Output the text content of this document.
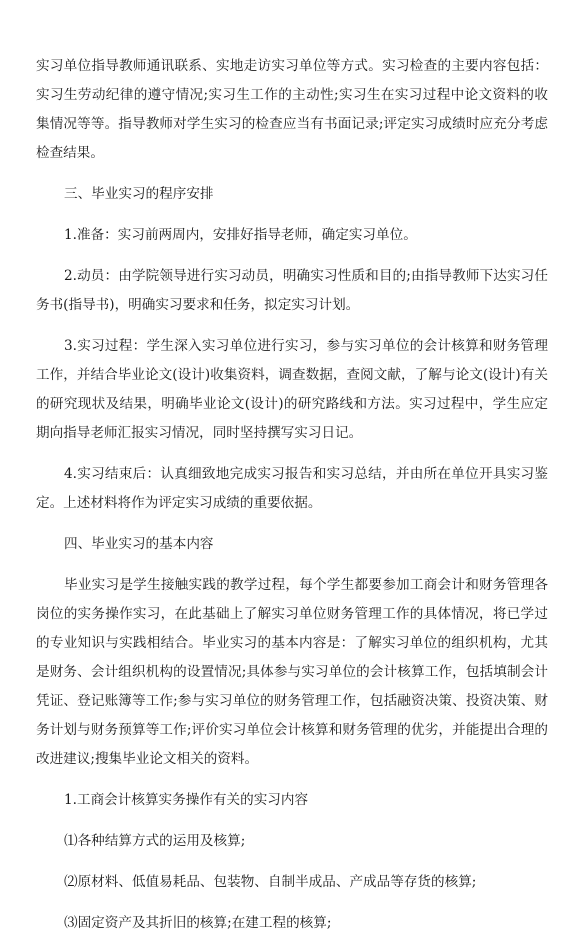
实习单位指导教师通讯联系、实地走访实习单位等方式。实习检查的主要内容包括：实习生劳动纪律的遵守情况;实习生工作的主动性;实习生在实习过程中论文资料的收集情况等等。指导教师对学生实习的检查应当有书面记录;评定实习成绩时应充分考虑检查结果。

三、毕业实习的程序安排

1.准备：实习前两周内，安排好指导老师，确定实习单位。

2.动员：由学院领导进行实习动员，明确实习性质和目的;由指导教师下达实习任务书(指导书)，明确实习要求和任务，拟定实习计划。

3.实习过程：学生深入实习单位进行实习，参与实习单位的会计核算和财务管理工作，并结合毕业论文(设计)收集资料，调查数据，查阅文献，了解与论文(设计)有关的研究现状及结果，明确毕业论文(设计)的研究路线和方法。实习过程中，学生应定期向指导老师汇报实习情况，同时坚持撰写实习日记。

4.实习结束后：认真细致地完成实习报告和实习总结，并由所在单位开具实习鉴定。上述材料将作为评定实习成绩的重要依据。

四、毕业实习的基本内容

毕业实习是学生接触实践的教学过程，每个学生都要参加工商会计和财务管理各岗位的实务操作实习，在此基础上了解实习单位财务管理工作的具体情况，将已学过的专业知识与实践相结合。毕业实习的基本内容是：了解实习单位的组织机构，尤其是财务、会计组织机构的设置情况;具体参与实习单位的会计核算工作，包括填制会计凭证、登记账簿等工作;参与实习单位的财务管理工作，包括融资决策、投资决策、财务计划与财务预算等工作;评价实习单位会计核算和财务管理的优劣，并能提出合理的改进建议;搜集毕业论文相关的资料。

1.工商会计核算实务操作有关的实习内容

⑴各种结算方式的运用及核算;

⑵原材料、低值易耗品、包装物、自制半成品、产成品等存货的核算;

⑶固定资产及其折旧的核算;在建工程的核算;
